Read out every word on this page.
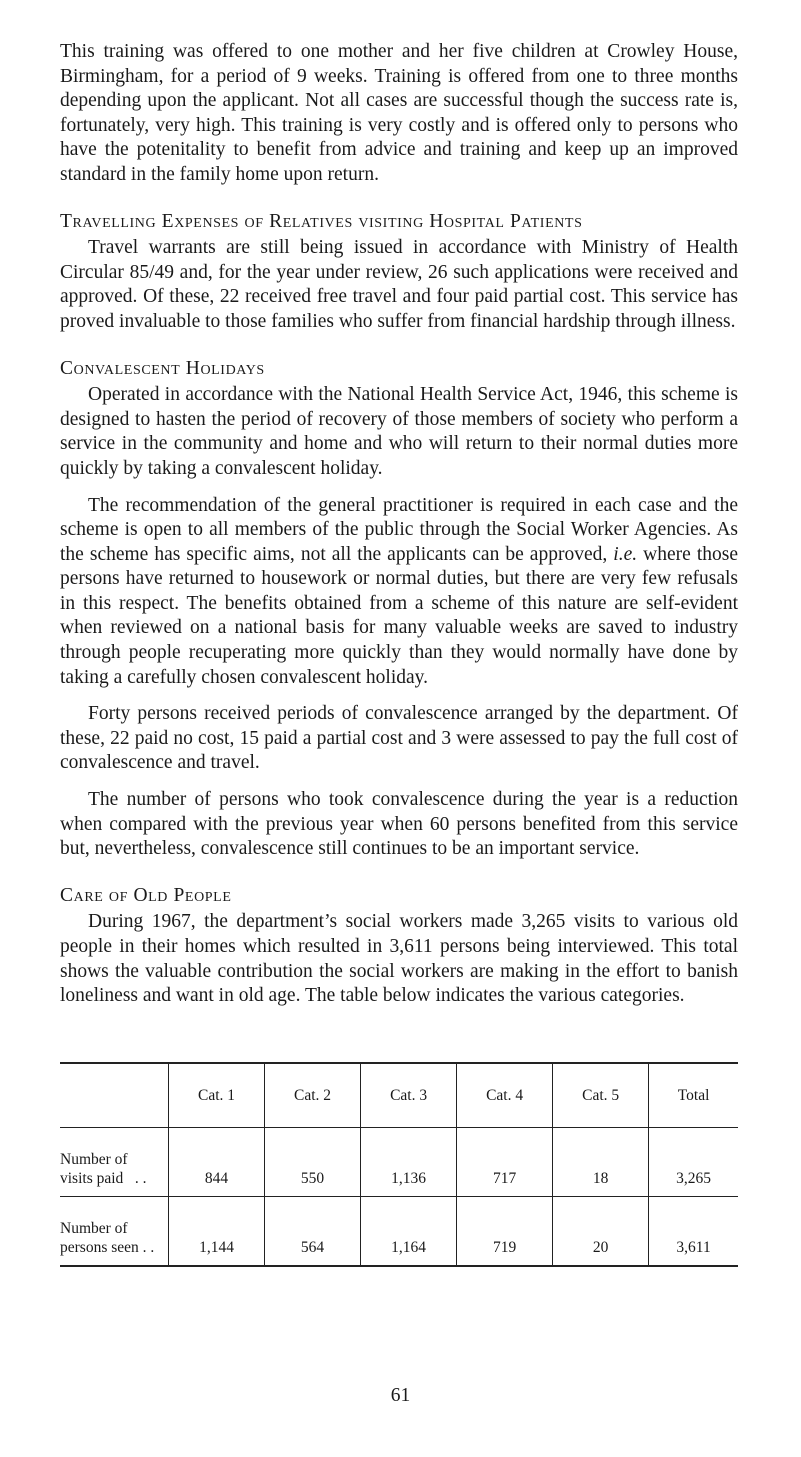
This training was offered to one mother and her five children at Crowley House, Birmingham, for a period of 9 weeks. Training is offered from one to three months depending upon the applicant. Not all cases are successful though the success rate is, fortunately, very high. This training is very costly and is offered only to persons who have the potenitality to benefit from advice and training and keep up an improved standard in the family home upon return.

Travelling Expenses of Relatives visiting Hospital Patients

Travel warrants are still being issued in accordance with Ministry of Health Circular 85/49 and, for the year under review, 26 such applications were received and approved. Of these, 22 received free travel and four paid partial cost. This service has proved invaluable to those families who suffer from financial hardship through illness.

Convalescent Holidays

Operated in accordance with the National Health Service Act, 1946, this scheme is designed to hasten the period of recovery of those members of society who perform a service in the community and home and who will return to their normal duties more quickly by taking a convalescent holiday.

The recommendation of the general practitioner is required in each case and the scheme is open to all members of the public through the Social Worker Agencies. As the scheme has specific aims, not all the applicants can be approved, i.e. where those persons have returned to housework or normal duties, but there are very few refusals in this respect. The benefits obtained from a scheme of this nature are self-evident when reviewed on a national basis for many valuable weeks are saved to industry through people recuperating more quickly than they would normally have done by taking a carefully chosen convalescent holiday.

Forty persons received periods of convalescence arranged by the department. Of these, 22 paid no cost, 15 paid a partial cost and 3 were assessed to pay the full cost of convalescence and travel.

The number of persons who took convalescence during the year is a reduction when compared with the previous year when 60 persons benefited from this service but, nevertheless, convalescence still continues to be an important service.

Care of Old People

During 1967, the department’s social workers made 3,265 visits to various old people in their homes which resulted in 3,611 persons being interviewed. This total shows the valuable contribution the social workers are making in the effort to banish loneliness and want in old age. The table below indicates the various categories.

	Cat. 1	Cat. 2	Cat. 3	Cat. 4	Cat. 5	Total
Number of
visits paid . .	844	550	1,136	717	18	3,265
Number of
persons seen . .	1,144	564	1,164	719	20	3,611
61
